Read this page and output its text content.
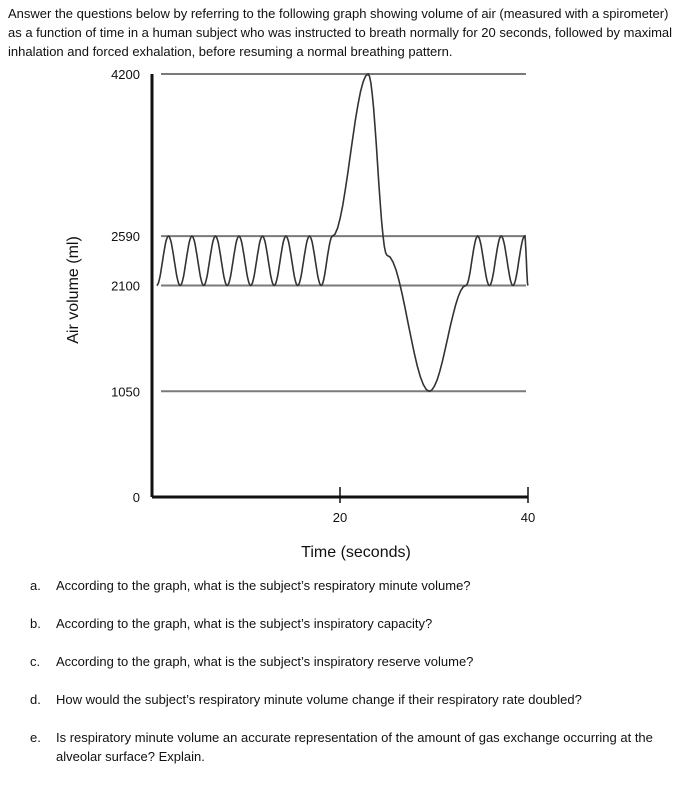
Answer the questions below by referring to the following graph showing volume of air (measured with a spirometer) as a function of time in a human subject who was instructed to breath normally for 20 seconds, followed by maximal inhalation and forced exhalation, before resuming a normal breathing pattern.

0
1050
2100
2590
4200
20	40
Time (seconds)
Air volume (ml)
a. According to the graph, what is the subject’s respiratory minute volume?
b. According to the graph, what is the subject’s inspiratory capacity?
c. According to the graph, what is the subject’s inspiratory reserve volume?
d. How would the subject’s respiratory minute volume change if their respiratory rate doubled?
e. Is respiratory minute volume an accurate representation of the amount of gas exchange occurring at the alveolar surface? Explain.
